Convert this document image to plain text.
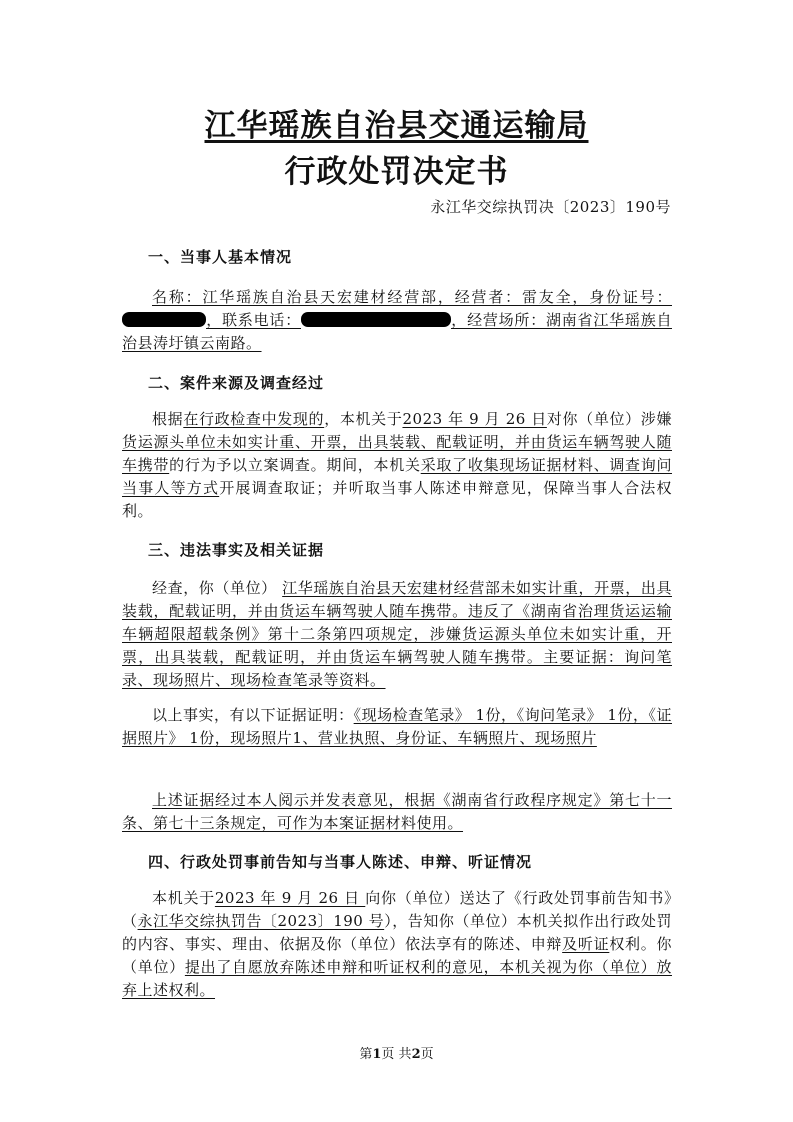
江华瑶族自治县交通运输局
行政处罚决定书
永江华交综执罚决〔2023〕190号

一、当事人基本情况

名称：江华瑶族自治县天宏建材经营部，经营者：雷友全，身份证号：，联系电话：	，经营场所：湖南省江华瑶族自治县涛圩镇云南路。

二、案件来源及调查经过

根据在行政检查中发现的，本机关于2023 年 9 月 26 日对你（单位）涉嫌货运源头单位未如实计重、开票，出具装载、配载证明，并由货运车辆驾驶人随车携带的行为予以立案调查。期间，本机关采取了收集现场证据材料、调查询问当事人等方式开展调查取证；并听取当事人陈述申辩意见，保障当事人合法权利。

三、违法事实及相关证据

经查，你（单位） 江华瑶族自治县天宏建材经营部未如实计重，开票，出具装载，配载证明，并由货运车辆驾驶人随车携带。违反了《湖南省治理货运运输车辆超限超载条例》第十二条第四项规定，涉嫌货运源头单位未如实计重，开票，出具装载，配载证明，并由货运车辆驾驶人随车携带。主要证据：询问笔录、现场照片、现场检查笔录等资料。

以上事实，有以下证据证明：《现场检查笔录》 1份，《询问笔录》 1份，《证据照片》 1份，现场照片1、营业执照、身份证、车辆照片、现场照片

上述证据经过本人阅示并发表意见，根据《湖南省行政程序规定》第七十一条、第七十三条规定，可作为本案证据材料使用。

四、行政处罚事前告知与当事人陈述、申辩、听证情况

本机关于2023 年 9 月 26 日 向你（单位）送达了《行政处罚事前告知书》（永江华交综执罚告〔2023〕190 号），告知你（单位）本机关拟作出行政处罚的内容、事实、理由、依据及你（单位）依法享有的陈述、申辩及听证权利。你（单位）提出了自愿放弃陈述申辩和听证权利的意见，本机关视为你（单位）放弃上述权利。

第1页 共2页
